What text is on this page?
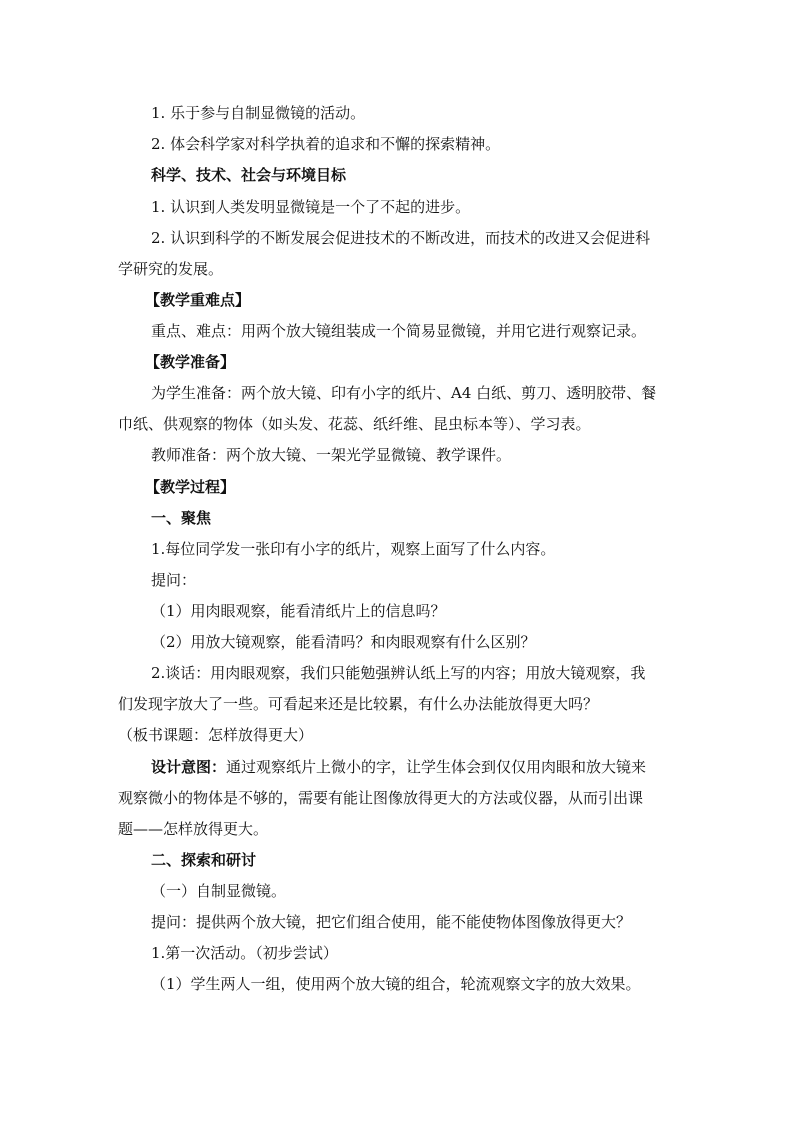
1. 乐于参与自制显微镜的活动。
2. 体会科学家对科学执着的追求和不懈的探索精神。
科学、技术、社会与环境目标
1. 认识到人类发明显微镜是一个了不起的进步。
2. 认识到科学的不断发展会促进技术的不断改进，而技术的改进又会促进科
学研究的发展。
【教学重难点】
重点、难点：用两个放大镜组装成一个简易显微镜，并用它进行观察记录。
【教学准备】
为学生准备：两个放大镜、印有小字的纸片、A4 白纸、剪刀、透明胶带、餐
巾纸、供观察的物体（如头发、花蕊、纸纤维、昆虫标本等）、学习表。
教师准备：两个放大镜、一架光学显微镜、教学课件。
【教学过程】
一、聚焦
1.每位同学发一张印有小字的纸片，观察上面写了什么内容。
提问：
（1）用肉眼观察，能看清纸片上的信息吗？
（2）用放大镜观察，能看清吗？和肉眼观察有什么区别？
2.谈话：用肉眼观察，我们只能勉强辨认纸上写的内容；用放大镜观察，我
们发现字放大了一些。可看起来还是比较累，有什么办法能放得更大吗？
（板书课题：怎样放得更大）
设计意图：通过观察纸片上微小的字，让学生体会到仅仅用肉眼和放大镜来
观察微小的物体是不够的，需要有能让图像放得更大的方法或仪器，从而引出课
题——怎样放得更大。
二、探索和研讨
（一）自制显微镜。
提问：提供两个放大镜，把它们组合使用，能不能使物体图像放得更大？
1.第一次活动。（初步尝试）
（1）学生两人一组，使用两个放大镜的组合，轮流观察文字的放大效果。
